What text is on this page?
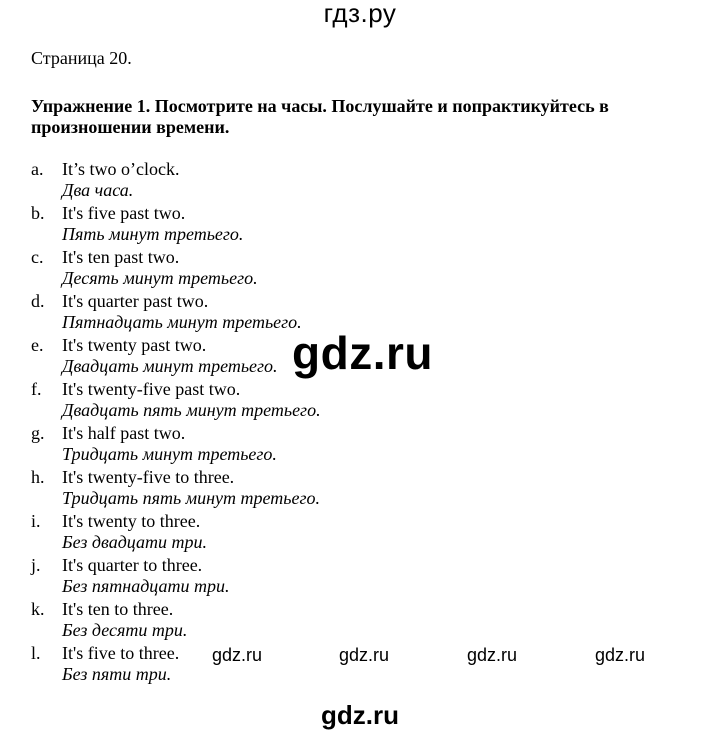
гдз.ру
Страница 20.
Упражнение 1. Посмотрите на часы. Послушайте и попрактикуйтесь в произношении времени.
a. It’s two o’clock.
Два часа.
b. It's five past two.
Пять минут третьего.
c. It's ten past two.
Десять минут третьего.
d. It's quarter past two.
Пятнадцать минут третьего.
e. It's twenty past two.
Двадцать минут третьего.
f. It's twenty-five past two.
Двадцать пять минут третьего.
g. It's half past two.
Тридцать минут третьего.
h. It's twenty-five to three.
Тридцать пять минут третьего.
i. It's twenty to three.
Без двадцати три.
j. It's quarter to three.
Без пятнадцати три.
k. It's ten to three.
Без десяти три.
l. It's five to three.
Без пяти три.
gdz.ru
gdz.ru	gdz.ru	gdz.ru	gdz.ru
gdz.ru
